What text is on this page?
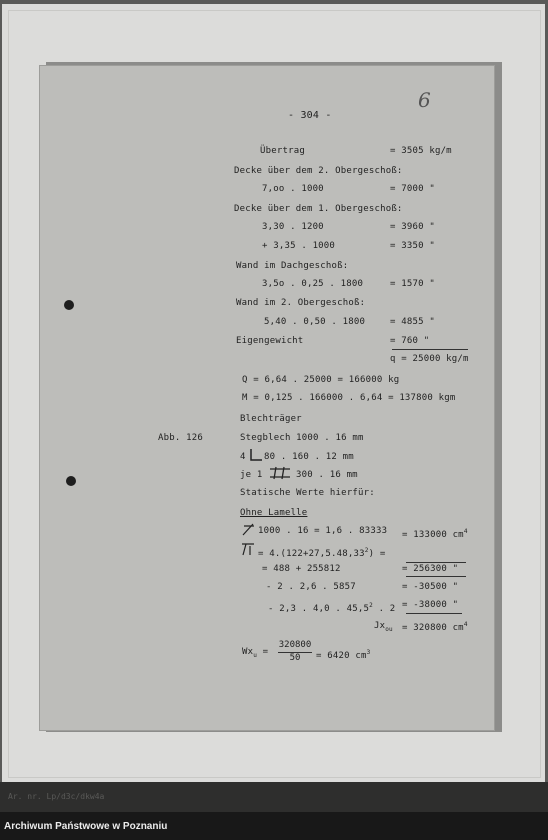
- 304 -
6
Übertrag	= 3505 kg/m
Decke über dem 2. Obergeschoß:
7,oo . 1000	= 7000 "
Decke über dem 1. Obergeschoß:
3,30 . 1200	= 3960 "
+ 3,35 . 1000	= 3350 "
Wand im Dachgeschoß:
3,5o . 0,25 . 1800	= 1570 "
Wand im 2. Obergeschoß:
5,40 . 0,50 . 1800	= 4855 "
Eigengewicht	= 760 "
q = 25000 kg/m
Q = 6,64 . 25000 = 166000 kg
M = 0,125 . 166000 . 6,64 = 137800 kgm
Blechträger
Abb. 126	Stegblech 1000 . 16 mm
4 80 . 160 . 12 mm
je 1	300 . 16 mm
Statische Werte hierfür:
Ohne Lamelle
1000 . 16 = 1,6 . 83333 = 133000 $cm^4$
= $4.(122+27,5.48,33^2)$ =
= 488 + 255812	= 256300 "
- 2 . 2,6 . 5857	= -30500 "
- 2,3 . 4,0 . 45,5$^2$ . 2 = -38000 "
$Jx_{ou} = 320800$ $cm^4$
$Wx_u$ =
320800
50	= 6420 $cm^3$
Ar. nr. Lp/d3c/dkw4a
Archiwum Państwowe w Poznaniu
